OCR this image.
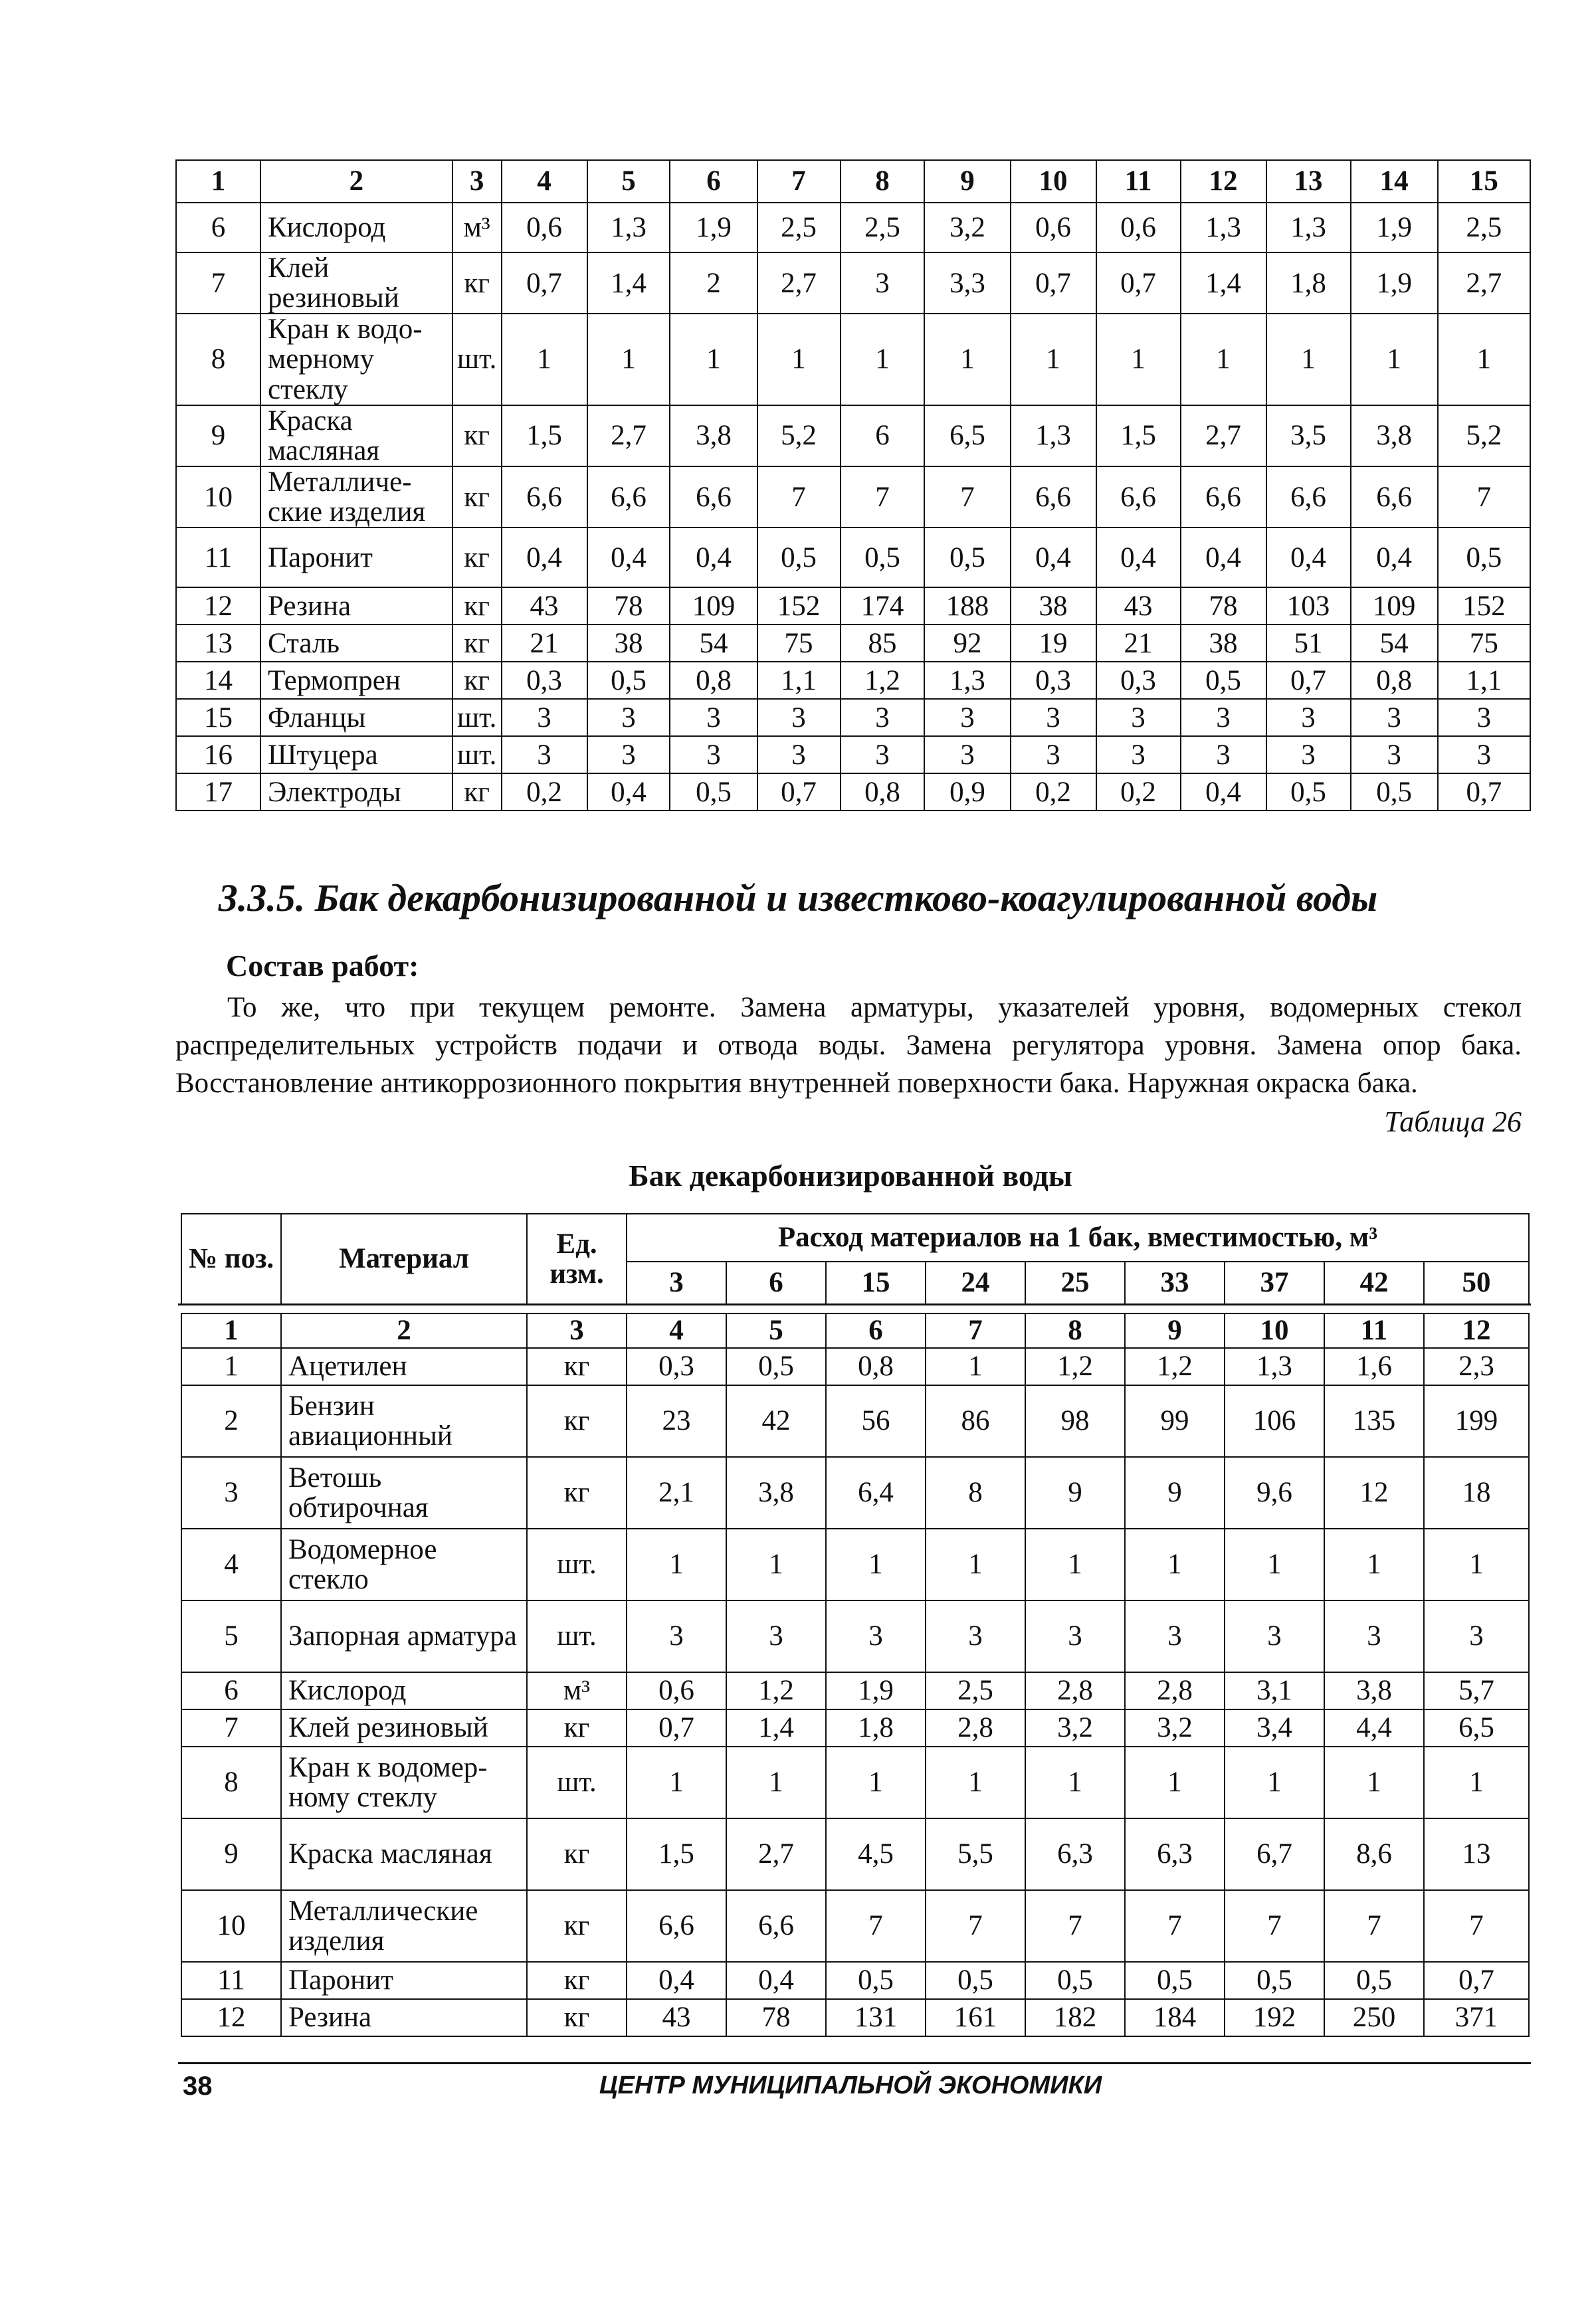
1	2	3	4	5	6	7	8	9	10	11	12	13	14	15
6	Кислород	м³	0,6	1,3	1,9	2,5	2,5	3,2	0,6	0,6	1,3	1,3	1,9	2,5
7	Клей резиновый	кг	0,7	1,4	2	2,7	3	3,3	0,7	0,7	1,4	1,8	1,9	2,7
8	Кран к водо-мерному стеклу	шт.	1	1	1	1	1	1	1	1	1	1	1	1
9	Краска масляная	кг	1,5	2,7	3,8	5,2	6	6,5	1,3	1,5	2,7	3,5	3,8	5,2
10	Металличе-ские изделия	кг	6,6	6,6	6,6	7	7	7	6,6	6,6	6,6	6,6	6,6	7
11	Паронит	кг	0,4	0,4	0,4	0,5	0,5	0,5	0,4	0,4	0,4	0,4	0,4	0,5
12	Резина	кг	43	78	109	152	174	188	38	43	78	103	109	152
13	Сталь	кг	21	38	54	75	85	92	19	21	38	51	54	75
14	Термопрен	кг	0,3	0,5	0,8	1,1	1,2	1,3	0,3	0,3	0,5	0,7	0,8	1,1
15	Фланцы	шт.	3	3	3	3	3	3	3	3	3	3	3	3
16	Штуцера	шт.	3	3	3	3	3	3	3	3	3	3	3	3
17	Электроды	кг	0,2	0,4	0,5	0,7	0,8	0,9	0,2	0,2	0,4	0,5	0,5	0,7
3.3.5. Бак декарбонизированной и известково-коагулированной воды
Состав работ:
То же, что при текущем ремонте. Замена арматуры, указателей уровня, водомерных стекол распределительных устройств подачи и отвода воды. Замена регулятора уровня. Замена опор бака. Восстановление антикоррозионного покрытия внутренней поверхности бака. Наружная окраска бака.
Таблица 26
Бак декарбонизированной воды
№ поз.	Материал	Ед. изм.	Расход материалов на 1 бак, вместимостью, м³								
			3	6	15	24	25	33	37	42	50
1	2	3	4	5	6	7	8	9	10	11	12
1	Ацетилен	кг	0,3	0,5	0,8	1	1,2	1,2	1,3	1,6	2,3
2	Бензин авиационный	кг	23	42	56	86	98	99	106	135	199
3	Ветошь обтирочная	кг	2,1	3,8	6,4	8	9	9	9,6	12	18
4	Водомерное стекло	шт.	1	1	1	1	1	1	1	1	1
5	Запорная арматура	шт.	3	3	3	3	3	3	3	3	3
6	Кислород	м³	0,6	1,2	1,9	2,5	2,8	2,8	3,1	3,8	5,7
7	Клей резиновый	кг	0,7	1,4	1,8	2,8	3,2	3,2	3,4	4,4	6,5
8	Кран к водомер-ному стеклу	шт.	1	1	1	1	1	1	1	1	1
9	Краска масляная	кг	1,5	2,7	4,5	5,5	6,3	6,3	6,7	8,6	13
10	Металлические изделия	кг	6,6	6,6	7	7	7	7	7	7	7
11	Паронит	кг	0,4	0,4	0,5	0,5	0,5	0,5	0,5	0,5	0,7
12	Резина	кг	43	78	131	161	182	184	192	250	371
38	ЦЕНТР МУНИЦИПАЛЬНОЙ ЭКОНОМИКИ
